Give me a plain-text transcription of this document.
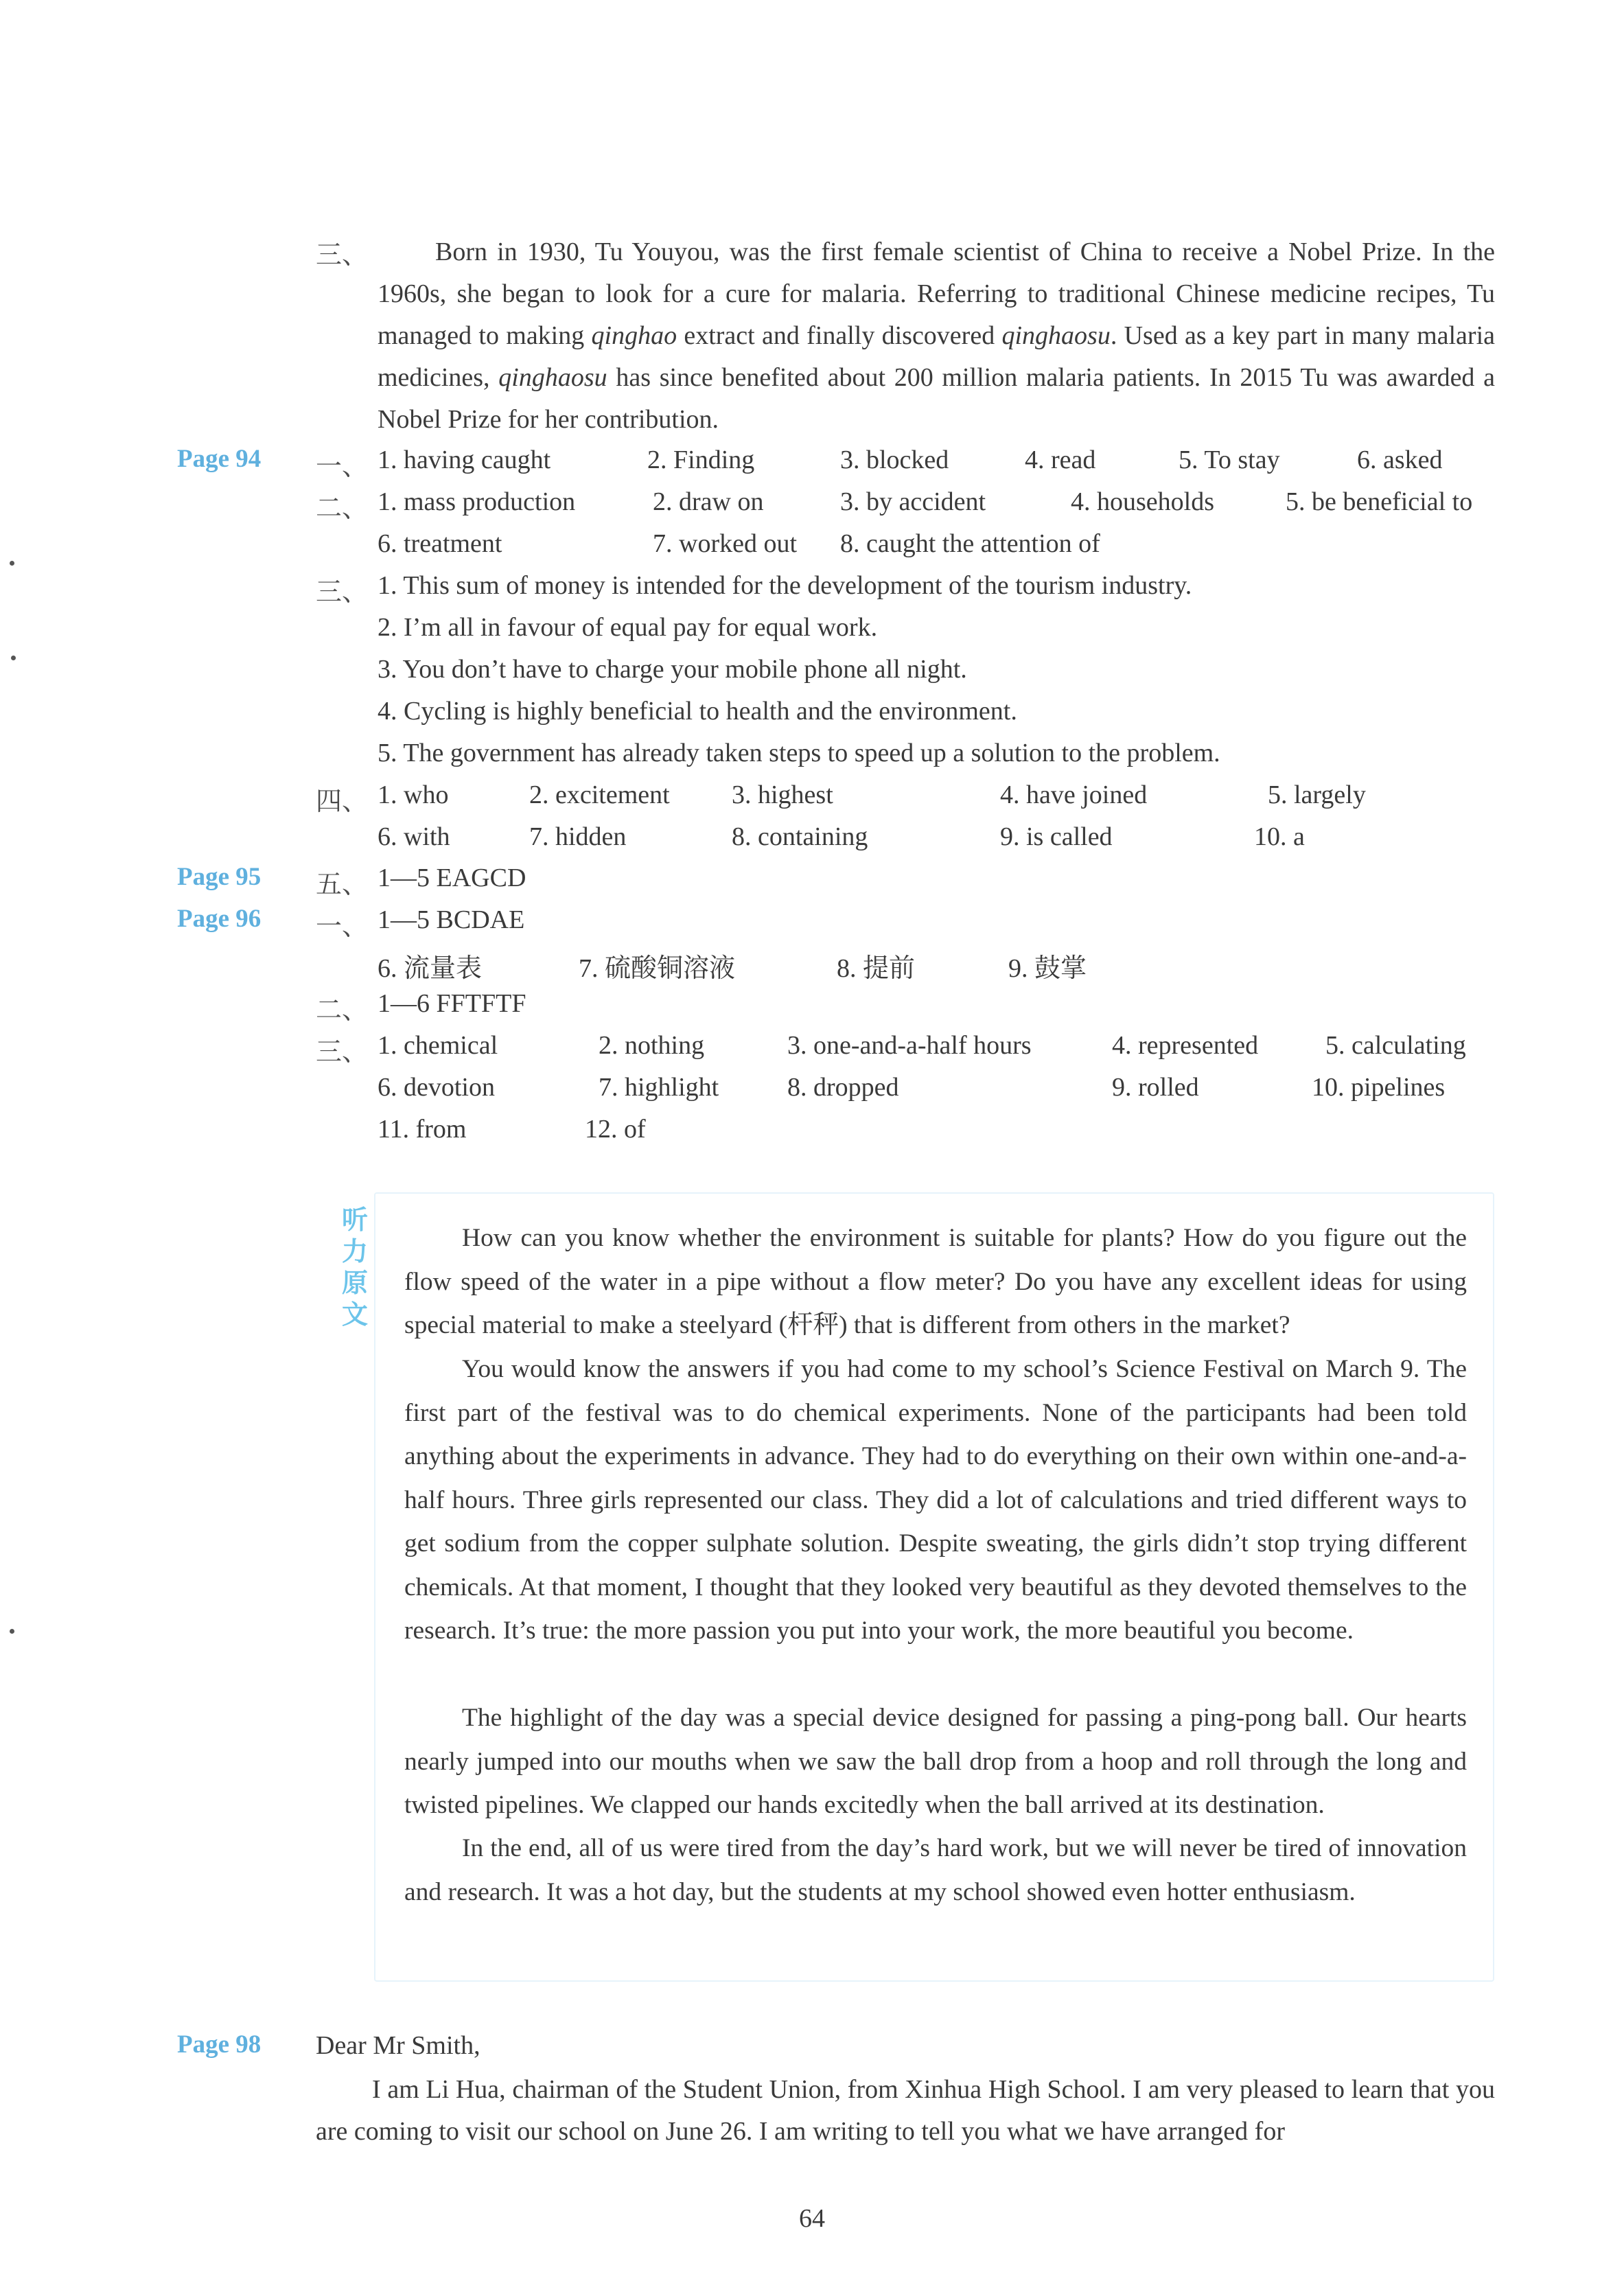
三、	Born in 1930, Tu Youyou, was the first female scientist of China to receive a Nobel Prize. In the 1960s, she began to look for a cure for malaria. Referring to traditional Chinese medicine recipes, Tu managed to making qinghao extract and finally discovered qinghaosu. Used as a key part in many malaria medicines, qinghaosu has since benefited about 200 million malaria patients. In 2015 Tu was awarded a Nobel Prize for her contribution.
Page 94 一、 1. having caught	2. Finding	3. blocked	4. read	5. To stay	6. asked
二、 1. mass production	2. draw on	3. by accident	4. households	5. be beneficial to
6. treatment	7. worked out 8. caught the attention of
三、 1. This sum of money is intended for the development of the tourism industry.
2. I’m all in favour of equal pay for equal work.
3. You don’t have to charge your mobile phone all night.
4. Cycling is highly beneficial to health and the environment.
5. The government has already taken steps to speed up a solution to the problem.
四、 1. who	2. excitement 3. highest	4. have joined	5. largely
6. with	7. hidden	8. containing	9. is called	10. a
Page 95 五、 1—5 EAGCD
Page 96 一、 1—5 BCDAE
6. 流量表	7. 硫酸铜溶液	8. 提前	9. 鼓掌
二、 1—6 FFTFTF
三、 1. chemical	2. nothing	3. one-and-a-half hours	4. represented	5. calculating
6. devotion	7. highlight	8. dropped	9. rolled	10. pipelines
11. from	12. of
听
力
原
文
How can you know whether the environment is suitable for plants? How do you figure out the flow speed of the water in a pipe without a flow meter? Do you have any excellent ideas for using special material to make a steelyard (杆秤) that is different from others in the market?
You would know the answers if you had come to my school’s Science Festival on March 9. The first part of the festival was to do chemical experiments. None of the participants had been told anything about the experiments in advance. They had to do everything on their own within one-and-a-half hours. Three girls represented our class. They did a lot of calculations and tried different ways to get sodium from the copper sulphate solution. Despite sweating, the girls didn’t stop trying different chemicals. At that moment, I thought that they looked very beautiful as they devoted themselves to the research. It’s true: the more passion you put into your work, the more beautiful you become.
The highlight of the day was a special device designed for passing a ping-pong ball. Our hearts nearly jumped into our mouths when we saw the ball drop from a hoop and roll through the long and twisted pipelines. We clapped our hands excitedly when the ball arrived at its destination.
In the end, all of us were tired from the day’s hard work, but we will never be tired of innovation and research. It was a hot day, but the students at my school showed even hotter enthusiasm.
Page 98 Dear Mr Smith,
I am Li Hua, chairman of the Student Union, from Xinhua High School. I am very pleased to learn that you are coming to visit our school on June 26. I am writing to tell you what we have arranged for
64
